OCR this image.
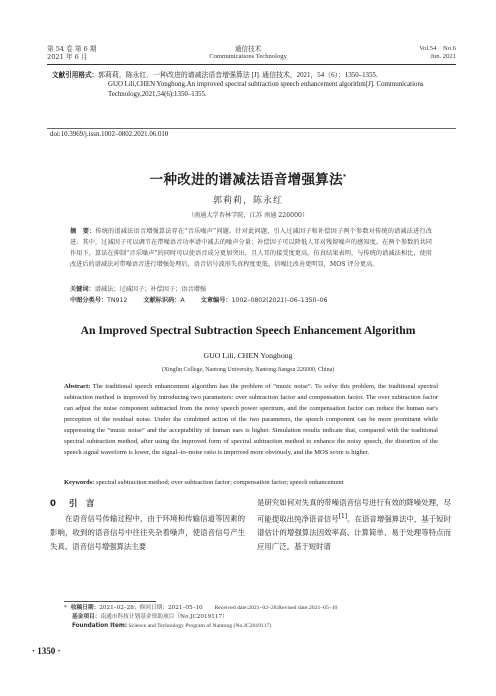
第 54 卷 第 6 期
2021 年 6 月
通信技术
Communications Technology
Vol.54    No.6
Jun. 2021
文献引用格式：郭莉莉，陈永红．一种改进的谱减法语音增强算法 [J]. 通信技术，2021，54（6）：1350–1355.
GUO Lili,CHEN Yonghong.An improved spectral subtraction speech enhancement algorithm[J]. Communications Technology,2021,54(6):1350–1355.
doi:10.3969/j.issn.1002–0802.2021.06.010
一种改进的谱减法语音增强算法*
郭莉莉，陈永红
（南通大学杏林学院，江苏 南通 226000）
摘　要：传统的谱减法语音增强算法存在“音乐噪声”问题。针对此问题，引入过减因子和补偿因子两个参数对传统的谱减法进行改进。其中，过减因子可以调节在带噪语音功率谱中减去的噪声分量；补偿因子可以降低人耳对残留噪声的感知度。在两个参数的共同作用下，算法在抑制“音乐噪声”的同时可以使语音成分更加突出，且人耳的接受度更高。仿真结果表明，与传统的谱减法相比，使用改进后的谱减法对带噪语音进行增强处理后，语音信号波形失真程度更低，信噪比改善更明显，MOS 评分更高。
关键词：谱减法；过减因子；补偿因子；语音增强
中图分类号：TN912	文献标识码：A	文章编号：1002–0802(2021)–06–1350–06
An Improved Spectral Subtraction Speech Enhancement Algorithm
GUO Lili, CHEN Yonghong
(Xinglin College, Nantong University, Nantong Jiangsu 226000, China)
Abstract: The traditional speech enhancement algorithm has the problem of “music noise”. To solve this problem, the traditional spectral subtraction method is improved by introducing two parameters: over subtraction factor and compensation factor. The over subtraction factor can adjust the noise component subtracted from the noisy speech power spectrum, and the compensation factor can reduce the human ear's perception of the residual noise. Under the combined action of the two parameters, the speech component can be more prominent while suppressing the “music noise” and the acceptability of human ears is higher. Simulation results indicate that, compared with the traditional spectral subtraction method, after using the improved form of spectral subtraction method to enhance the noisy speech, the distortion of the speech signal waveform is lower, the signal–to–noise ratio is improved more obviously, and the MOS score is higher.
Keywords: spectral subtraction method; over subtraction factor; compensation factor; speech enhancement
0 引　言
在语音信号传输过程中，由于环境和传输信道等因素的影响，收到的语音信号中往往夹杂着噪声，使语音信号产生失真。语音信号增强算法主要
是研究如何对失真的带噪语音信号进行有效的降噪处理，尽可能提取出纯净语音信号[1]。在语音增强算法中，基于短时谱估计的增强算法因效率高、计算简单、易于处理等特点而应用广泛。基于短时谱
* 收稿日期：2021–02–28；修回日期：2021–05–10 Received date:2021–02–28;Revised date:2021–05–10
基金项目：南通市科技计划基金资助项目（No.JC2019117）
Foundation Item: Science and Technology Program of Nantong (No.JC2019117)
· 1350 ·
